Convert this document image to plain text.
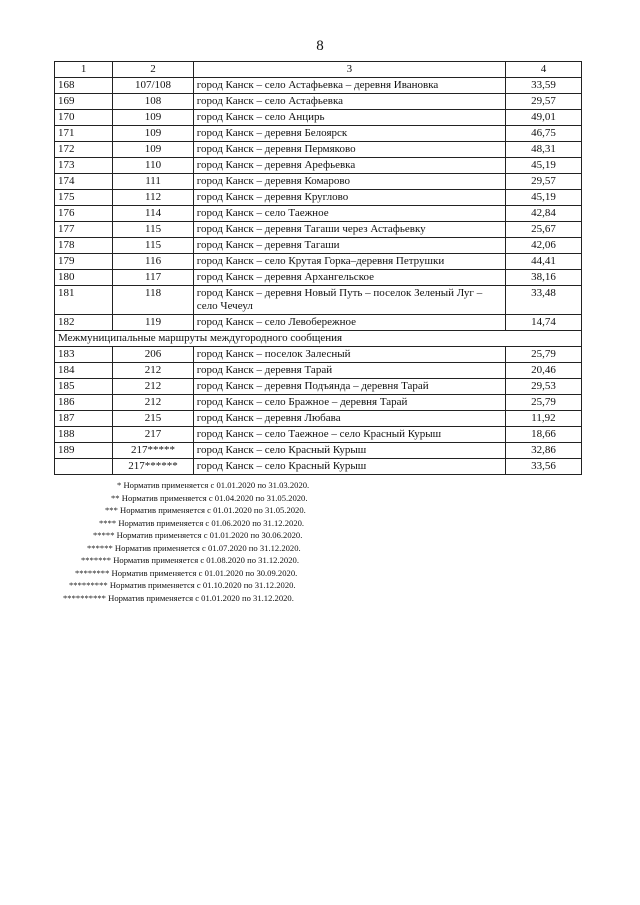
8
1	2	3	4
168	107/108	город Канск – село Астафьевка – деревня Ивановка	33,59
169	108	город Канск – село Астафьевка	29,57
170	109	город Канск – село Анцирь	49,01
171	109	город Канск – деревня Белоярск	46,75
172	109	город Канск – деревня Пермяково	48,31
173	110	город Канск – деревня Арефьевка	45,19
174	111	город Канск – деревня Комарово	29,57
175	112	город Канск – деревня Круглово	45,19
176	114	город Канск – село Таежное	42,84
177	115	город Канск – деревня Тагаши через Астафьевку	25,67
178	115	город Канск – деревня Тагаши	42,06
179	116	город Канск – село Крутая Горка–деревня Петрушки	44,41
180	117	город Канск – деревня Архангельское	38,16
181	118	город Канск – деревня Новый Путь – поселок Зеленый Луг – село Чечеул	33,48
182	119	город Канск – село Левобережное	14,74
Межмуниципальные маршруты междугородного сообщения			
183	206	город Канск – поселок Залесный	25,79
184	212	город Канск – деревня Тарай	20,46
185	212	город Канск – деревня Подъянда – деревня Тарай	29,53
186	212	город Канск – село Бражное – деревня Тарай	25,79
187	215	город Канск – деревня Любава	11,92
188	217	город Канск – село Таежное – село Красный Курыш	18,66
189	217*****	город Канск – село Красный Курыш	32,86
	217******	город Канск – село Красный Курыш	33,56
* Норматив применяется с 01.01.2020 по 31.03.2020.
** Норматив применяется с 01.04.2020 по 31.05.2020.
*** Норматив применяется с 01.01.2020 по 31.05.2020.
**** Норматив применяется с 01.06.2020 по 31.12.2020.
***** Норматив применяется с 01.01.2020 по 30.06.2020.
****** Норматив применяется с 01.07.2020 по 31.12.2020.
******* Норматив применяется с 01.08.2020 по 31.12.2020.
******** Норматив применяется с 01.01.2020 по 30.09.2020.
********* Норматив применяется с 01.10.2020 по 31.12.2020.
********** Норматив применяется с 01.01.2020 по 31.12.2020.
